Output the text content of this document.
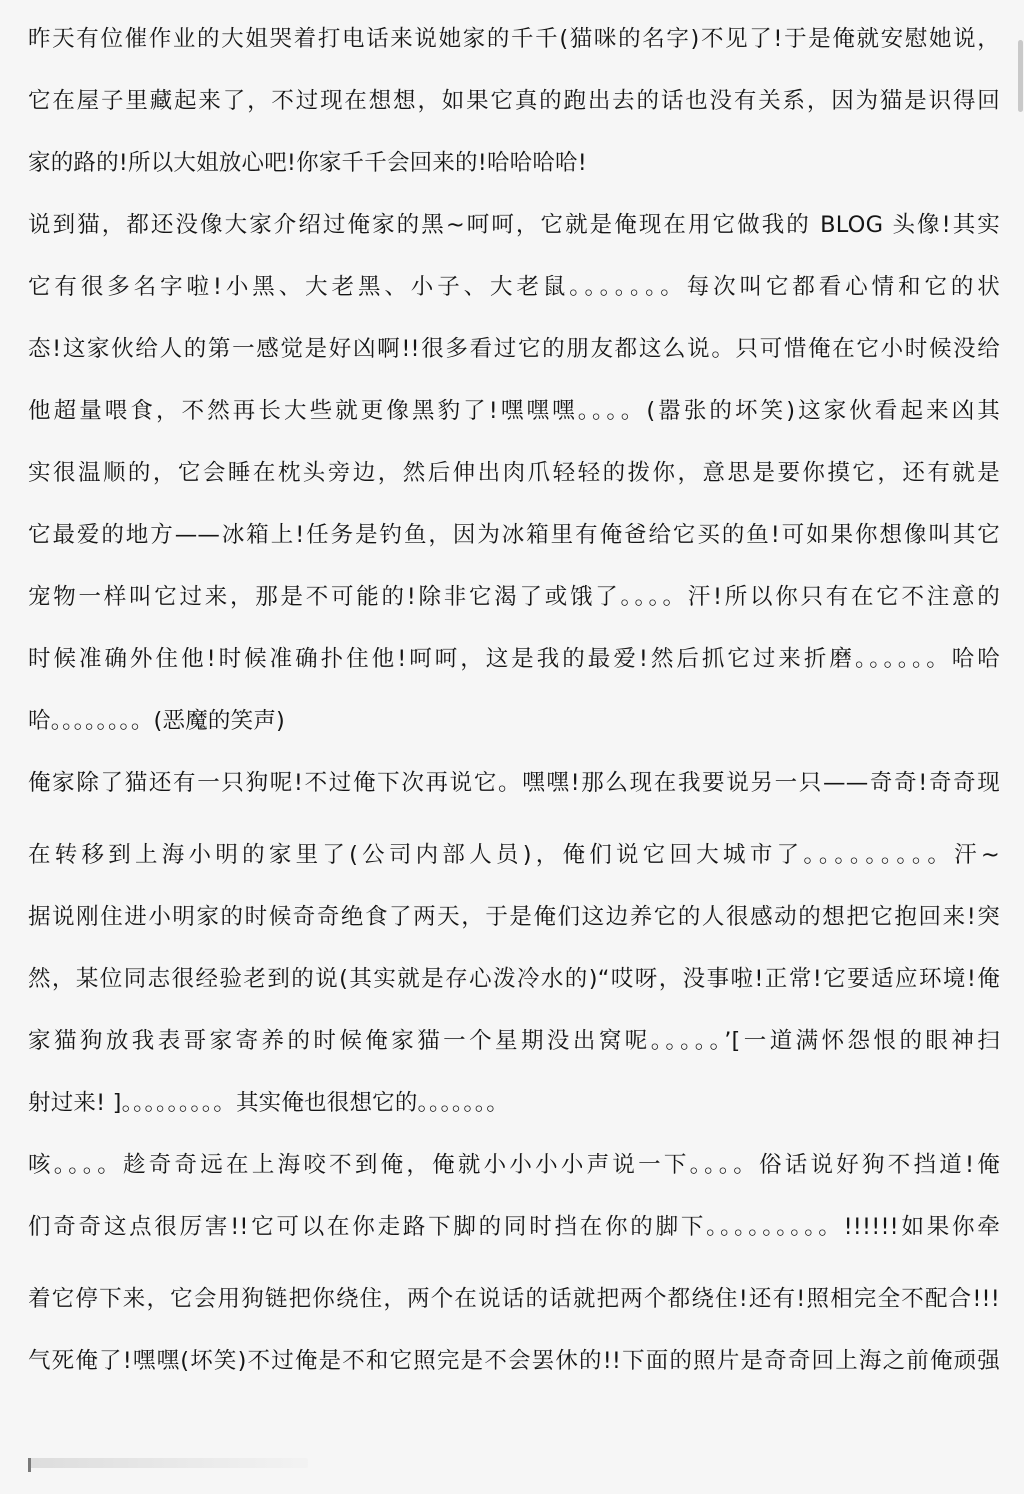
昨天有位催作业的大姐哭着打电话来说她家的千千(猫咪的名字)不见了!于是俺就安慰她说，
它在屋子里藏起来了，不过现在想想，如果它真的跑出去的话也没有关系，因为猫是识得回
家的路的!所以大姐放心吧!你家千千会回来的!哈哈哈哈!
说到猫，都还没像大家介绍过俺家的黑~呵呵，它就是俺现在用它做我的 BLOG 头像!其实
它有很多名字啦!小黑、大老黑、小子、大老鼠。。。。。。。每次叫它都看心情和它的状
态!这家伙给人的第一感觉是好凶啊!!很多看过它的朋友都这么说。只可惜俺在它小时候没给
他超量喂食，不然再长大些就更像黑豹了!嘿嘿嘿。。。。(嚣张的坏笑)这家伙看起来凶其
实很温顺的，它会睡在枕头旁边，然后伸出肉爪轻轻的拨你，意思是要你摸它，还有就是
它最爱的地方——冰箱上!任务是钓鱼，因为冰箱里有俺爸给它买的鱼!可如果你想像叫其它
宠物一样叫它过来，那是不可能的!除非它渴了或饿了。。。。汗!所以你只有在它不注意的
时候准确外住他!时候准确扑住他!呵呵，这是我的最爱!然后抓它过来折磨。。。。。。哈哈
哈。。。。。。。。(恶魔的笑声)
俺家除了猫还有一只狗呢!不过俺下次再说它。嘿嘿!那么现在我要说另一只——奇奇!奇奇现
在转移到上海小明的家里了(公司内部人员)，俺们说它回大城市了。。。。。。。。。汗~
据说刚住进小明家的时候奇奇绝食了两天，于是俺们这边养它的人很感动的想把它抱回来!突
然，某位同志很经验老到的说(其实就是存心泼冷水的)“哎呀，没事啦!正常!它要适应环境!俺
家猫狗放我表哥家寄养的时候俺家猫一个星期没出窝呢。。。。。’[一道满怀怨恨的眼神扫
射过来! ]。。。。。。。。。其实俺也很想它的。。。。。。。
咳。。。。趁奇奇远在上海咬不到俺，俺就小小小小声说一下。。。。俗话说好狗不挡道!俺
们奇奇这点很厉害!!它可以在你走路下脚的同时挡在你的脚下。。。。。。。。。!!!!!!如果你牵
着它停下来，它会用狗链把你绕住，两个在说话的话就把两个都绕住!还有!照相完全不配合!!!
气死俺了!嘿嘿(坏笑)不过俺是不和它照完是不会罢休的!!下面的照片是奇奇回上海之前俺顽强
